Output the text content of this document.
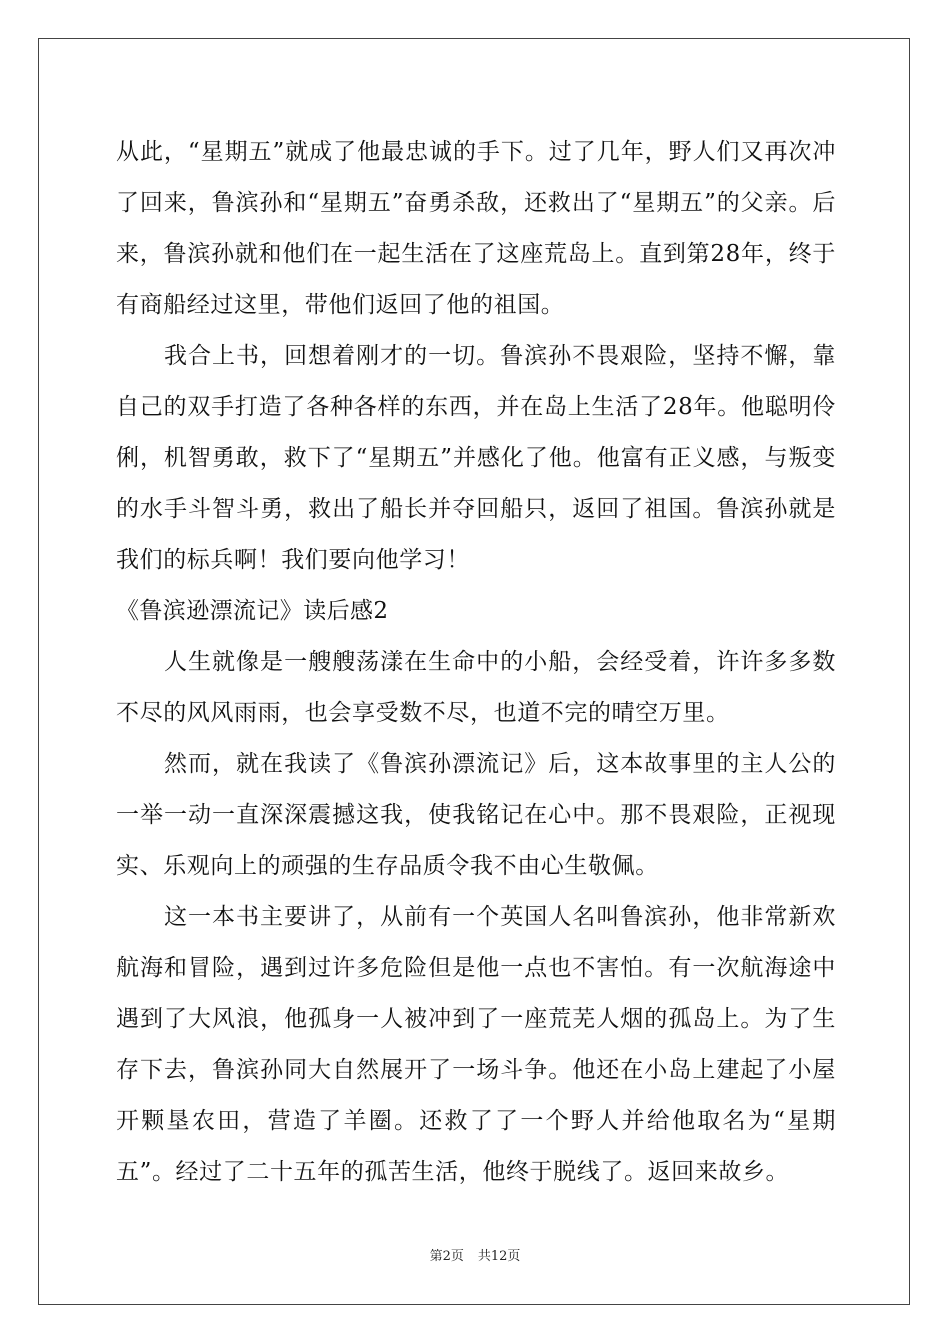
从此，“星期五”就成了他最忠诚的手下。过了几年，野人们又再次冲了回来，鲁滨孙和“星期五”奋勇杀敌，还救出了“星期五”的父亲。后来，鲁滨孙就和他们在一起生活在了这座荒岛上。直到第28年，终于有商船经过这里，带他们返回了他的祖国。

我合上书，回想着刚才的一切。鲁滨孙不畏艰险，坚持不懈，靠自己的双手打造了各种各样的东西，并在岛上生活了28年。他聪明伶俐，机智勇敢，救下了“星期五”并感化了他。他富有正义感，与叛变的水手斗智斗勇，救出了船长并夺回船只，返回了祖国。鲁滨孙就是我们的标兵啊！我们要向他学习！

《鲁滨逊漂流记》读后感2

人生就像是一艘艘荡漾在生命中的小船，会经受着，许许多多数不尽的风风雨雨，也会享受数不尽，也道不完的晴空万里。

然而，就在我读了《鲁滨孙漂流记》后，这本故事里的主人公的一举一动一直深深震撼这我，使我铭记在心中。那不畏艰险，正视现实、乐观向上的顽强的生存品质令我不由心生敬佩。

这一本书主要讲了，从前有一个英国人名叫鲁滨孙，他非常新欢航海和冒险，遇到过许多危险但是他一点也不害怕。有一次航海途中遇到了大风浪，他孤身一人被冲到了一座荒芜人烟的孤岛上。为了生存下去，鲁滨孙同大自然展开了一场斗争。他还在小岛上建起了小屋开颗垦农田，营造了羊圈。还救了了一个野人并给他取名为“星期五”。经过了二十五年的孤苦生活，他终于脱线了。返回来故乡。

第2页 共12页
